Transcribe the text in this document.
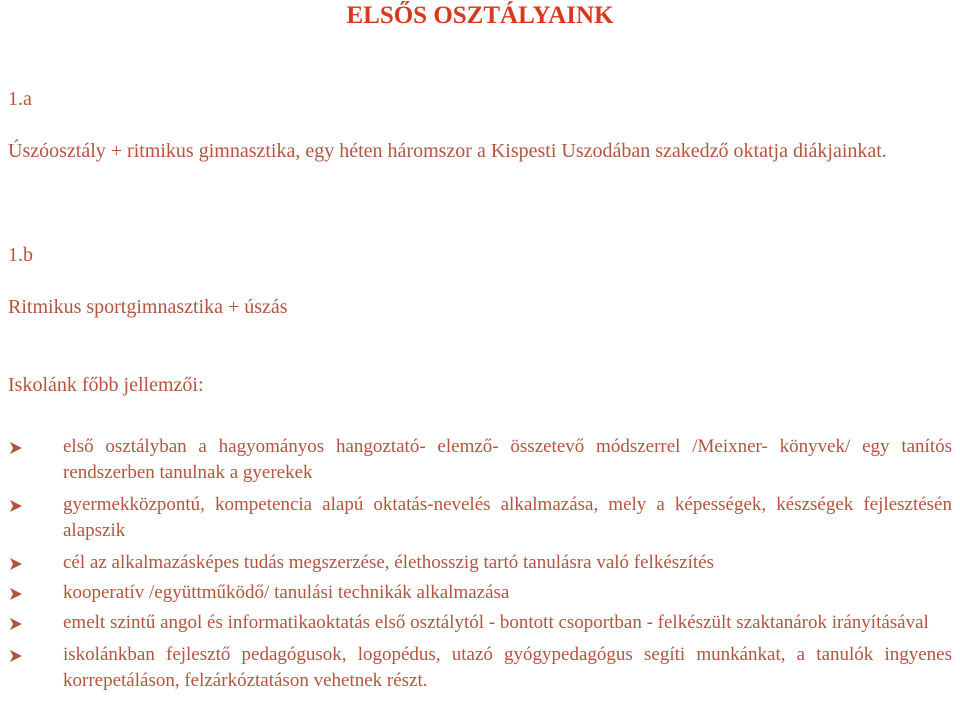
ELSŐS OSZTÁLYAINK

1.a

Úszóosztály + ritmikus gimnasztika, egy héten háromszor a Kispesti Uszodában szakedző oktatja diákjainkat.

1.b

Ritmikus sportgimnasztika + úszás

Iskolánk főbb jellemzői:

első osztályban a hagyományos hangoztató- elemző- összetevő módszerrel /Meixner- könyvek/ egy tanítós rendszerben tanulnak a gyerekek
gyermekközpontú, kompetencia alapú oktatás-nevelés alkalmazása, mely a képességek, készségek fejlesztésén alapszik
cél az alkalmazásképes tudás megszerzése, élethosszig tartó tanulásra való felkészítés
kooperatív /együttműködő/ tanulási technikák alkalmazása
emelt szintű angol és informatikaoktatás első osztálytól - bontott csoportban - felkészült szaktanárok irányításával
iskolánkban fejlesztő pedagógusok, logopédus, utazó gyógypedagógus segíti munkánkat, a tanulók ingyenes korrepetáláson, felzárkóztatáson vehetnek részt.
